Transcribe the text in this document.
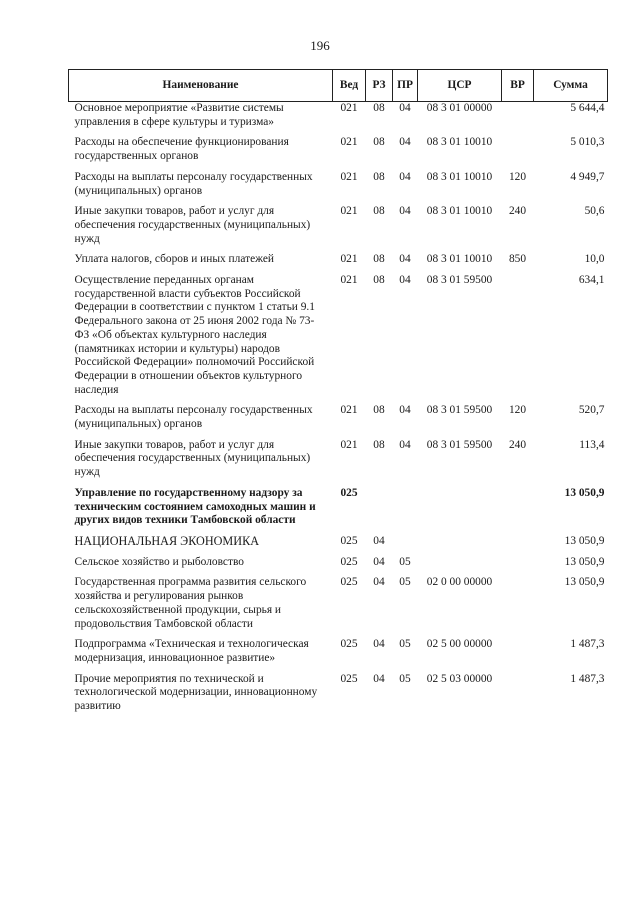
196
Наименование	Вед	РЗ	ПР	ЦСР	ВР	Сумма
Основное мероприятие «Развитие системы управления в сфере культуры и туризма»	021	08	04	08 3 01 00000		5 644,4
Расходы на обеспечение функционирования государственных органов	021	08	04	08 3 01 10010		5 010,3
Расходы на выплаты персоналу государственных (муниципальных) органов	021	08	04	08 3 01 10010	120	4 949,7
Иные закупки товаров, работ и услуг для обеспечения государственных (муниципальных) нужд	021	08	04	08 3 01 10010	240	50,6
Уплата налогов, сборов и иных платежей	021	08	04	08 3 01 10010	850	10,0
Осуществление переданных органам государственной власти субъектов Российской Федерации в соответствии с пунктом 1 статьи 9.1 Федерального закона от 25 июня 2002 года № 73-ФЗ «Об объектах культурного наследия (памятниках истории и культуры) народов Российской Федерации» полномочий Российской Федерации в отношении объектов культурного наследия	021	08	04	08 3 01 59500		634,1
Расходы на выплаты персоналу государственных (муниципальных) органов	021	08	04	08 3 01 59500	120	520,7
Иные закупки товаров, работ и услуг для обеспечения государственных (муниципальных) нужд	021	08	04	08 3 01 59500	240	113,4
Управление по государственному надзору за техническим состоянием самоходных машин и других видов техники Тамбовской области	025					13 050,9
НАЦИОНАЛЬНАЯ ЭКОНОМИКА	025	04				13 050,9
Сельское хозяйство и рыболовство	025	04	05			13 050,9
Государственная программа развития сельского хозяйства и регулирования рынков сельскохозяйственной продукции, сырья и продовольствия Тамбовской области	025	04	05	02 0 00 00000		13 050,9
Подпрограмма «Техническая и технологическая модернизация, инновационное развитие»	025	04	05	02 5 00 00000		1 487,3
Прочие мероприятия по технической и технологической модернизации, инновационному развитию	025	04	05	02 5 03 00000		1 487,3
